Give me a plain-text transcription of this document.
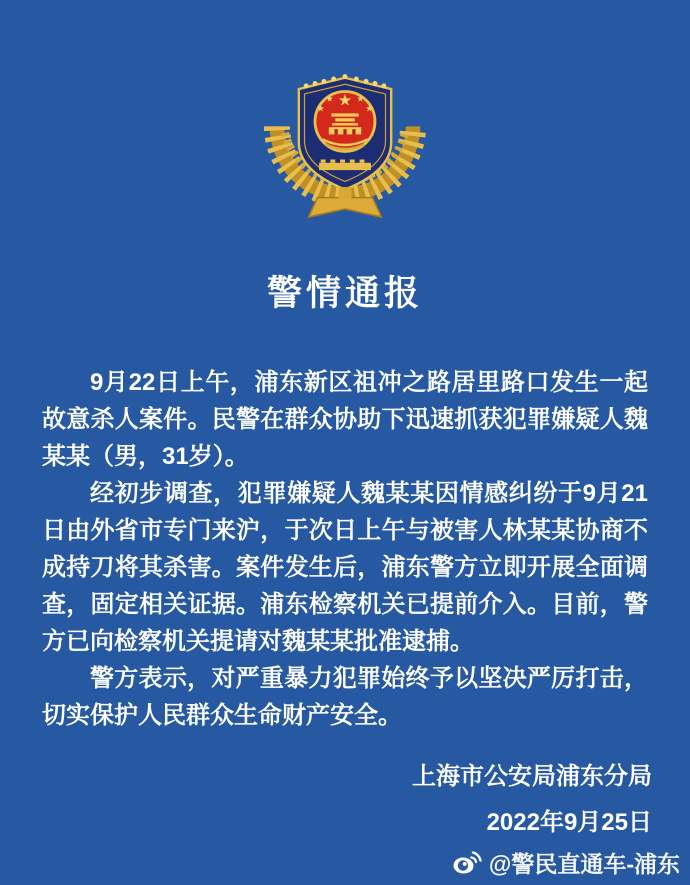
警情通报

9月22日上午，浦东新区祖冲之路居里路口发生一起故意杀人案件。民警在群众协助下迅速抓获犯罪嫌疑人魏某某（男，31岁）。

经初步调查，犯罪嫌疑人魏某某因情感纠纷于9月21日由外省市专门来沪，于次日上午与被害人林某某协商不成持刀将其杀害。案件发生后，浦东警方立即开展全面调查，固定相关证据。浦东检察机关已提前介入。目前，警方已向检察机关提请对魏某某批准逮捕。

警方表示，对严重暴力犯罪始终予以坚决严厉打击，切实保护人民群众生命财产安全。

上海市公安局浦东分局
2022年9月25日
@警民直通车-浦东
